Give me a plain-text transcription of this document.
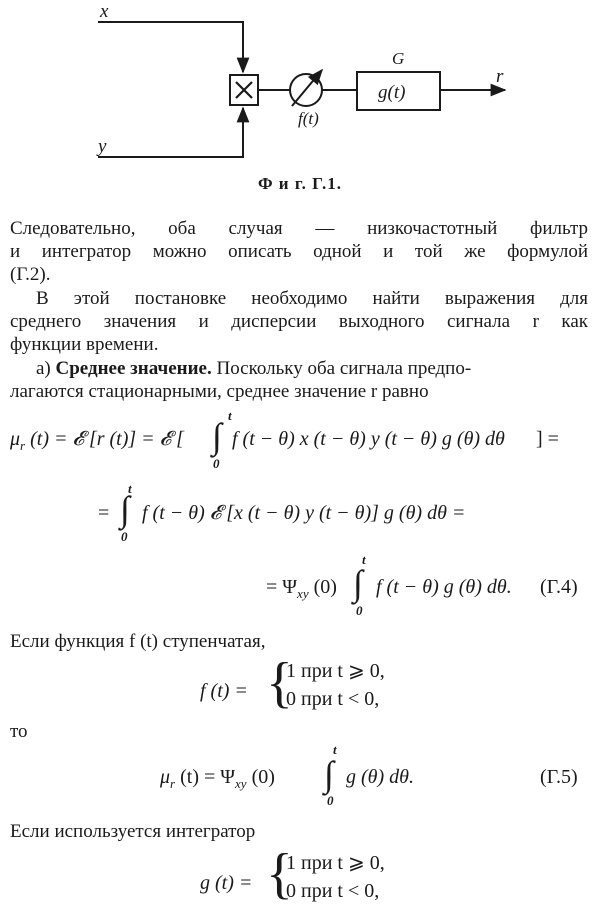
x
y
f(t)
g(t)
G
r
Ф и г. Г.1.
Следовательно, оба случая — низкочастотный фильтр
и интегратор можно описать одной и той же формулой
(Г.2).
В этой постановке необходимо найти выражения для
среднего значения и дисперсии выходного сигнала r как
функции времени.
а) Среднее значение. Поскольку оба сигнала предпо-
лагаются стационарными, среднее значение r равно
$\mu_r$ (t) = 𝓔 [r (t)] = 𝓔 [ ∫
t
0
f (t − θ) x (t − θ) y (t − θ) g (θ) dθ ] =
= ∫
t
0
f (t − θ) 𝓔 [x (t − θ) y (t − θ)] g (θ) dθ =
= $\Psi_{xy}$ (0) ∫
t
0
f (t − θ) g (θ) dθ. (Г.4)
Если функция f (t) ступенчатая,
f (t) = {
1 при t ⩾ 0,
0 при t < 0,
то
$\mu_r$ $(t) = \Psi_{xy}$ (0) ∫
t
0
g (θ) dθ.	(Г.5)
Если используется интегратор
g (t) = {
1 при t ⩾ 0,
0 при t < 0,
